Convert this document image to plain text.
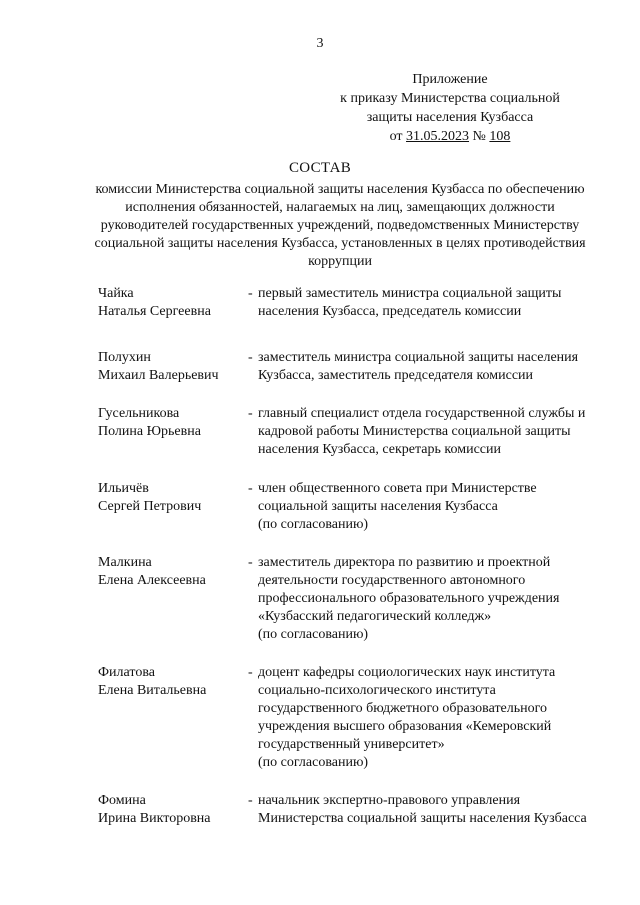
3
Приложение
к приказу Министерства социальной
защиты населения Кузбасса
от 31.05.2023 № 108
СОСТАВ
комиссии Министерства социальной защиты населения Кузбасса по обеспечению исполнения обязанностей, налагаемых на лиц, замещающих должности руководителей государственных учреждений, подведомственных Министерству социальной защиты населения Кузбасса, установленных в целях противодействия коррупции
Чайка
Наталья Сергеевна
- первый заместитель министра социальной защиты населения Кузбасса, председатель комиссии
Полухин
Михаил Валерьевич
- заместитель министра социальной защиты населения Кузбасса, заместитель председателя комиссии
Гусельникова
Полина Юрьевна
- главный специалист отдела государственной службы и кадровой работы Министерства социальной защиты населения Кузбасса, секретарь комиссии
Ильичёв
Сергей Петрович
- член общественного совета при Министерстве социальной защиты населения Кузбасса
(по согласованию)
Малкина
Елена Алексеевна
- заместитель директора по развитию и проектной деятельности государственного автономного профессионального образовательного учреждения «Кузбасский педагогический колледж»
(по согласованию)
Филатова
Елена Витальевна
- доцент кафедры социологических наук института социально-психологического института государственного бюджетного образовательного учреждения высшего образования «Кемеровский государственный университет»
(по согласованию)
Фомина
Ирина Викторовна
- начальник экспертно-правового управления Министерства социальной защиты населения Кузбасса
